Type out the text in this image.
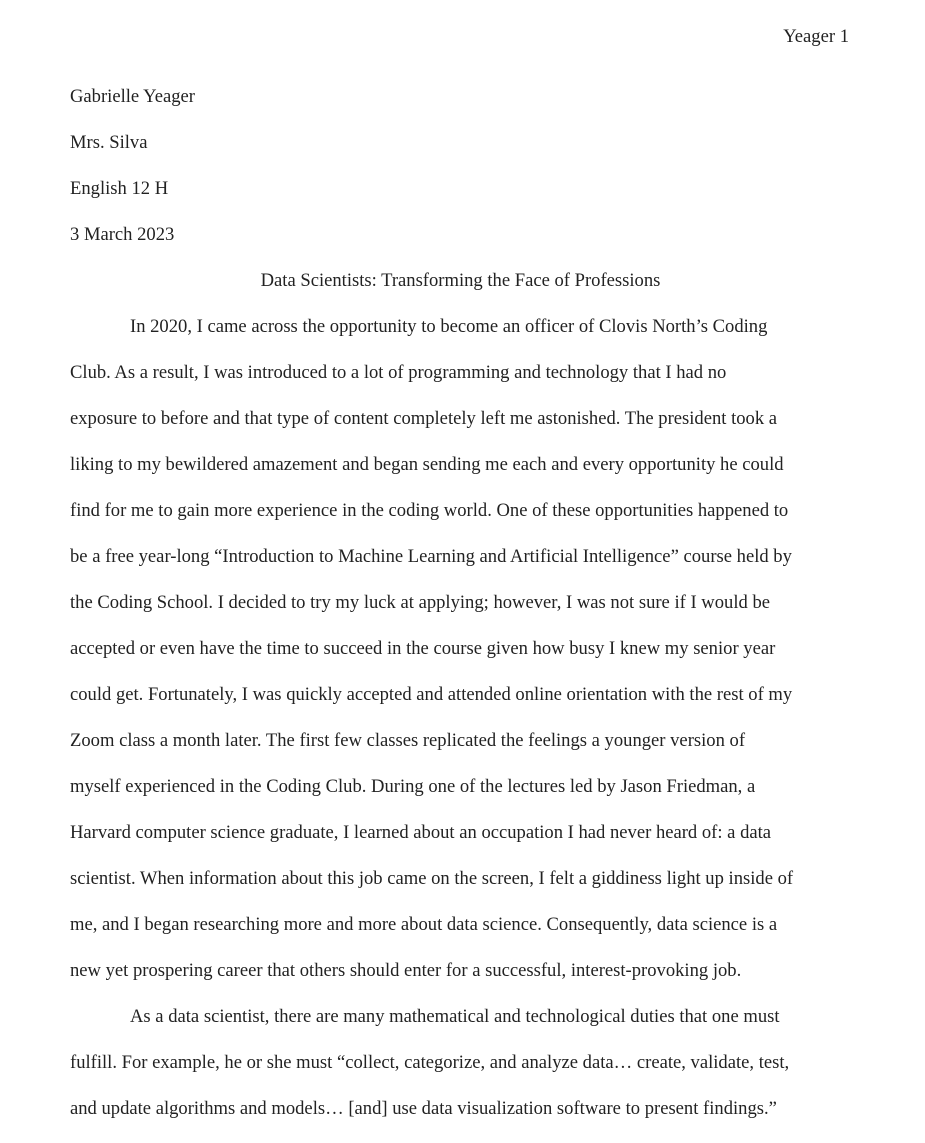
Yeager 1
Gabrielle Yeager
Mrs. Silva
English 12 H
3 March 2023
Data Scientists: Transforming the Face of Professions
In 2020, I came across the opportunity to become an officer of Clovis North’s Coding
Club. As a result, I was introduced to a lot of programming and technology that I had no
exposure to before and that type of content completely left me astonished. The president took a
liking to my bewildered amazement and began sending me each and every opportunity he could
find for me to gain more experience in the coding world. One of these opportunities happened to
be a free year-long “Introduction to Machine Learning and Artificial Intelligence” course held by
the Coding School. I decided to try my luck at applying; however, I was not sure if I would be
accepted or even have the time to succeed in the course given how busy I knew my senior year
could get. Fortunately, I was quickly accepted and attended online orientation with the rest of my
Zoom class a month later. The first few classes replicated the feelings a younger version of
myself experienced in the Coding Club. During one of the lectures led by Jason Friedman, a
Harvard computer science graduate, I learned about an occupation I had never heard of: a data
scientist. When information about this job came on the screen, I felt a giddiness light up inside of
me, and I began researching more and more about data science. Consequently, data science is a
new yet prospering career that others should enter for a successful, interest-provoking job.
As a data scientist, there are many mathematical and technological duties that one must
fulfill. For example, he or she must “collect, categorize, and analyze data… create, validate, test,
and update algorithms and models… [and] use data visualization software to present findings.”
